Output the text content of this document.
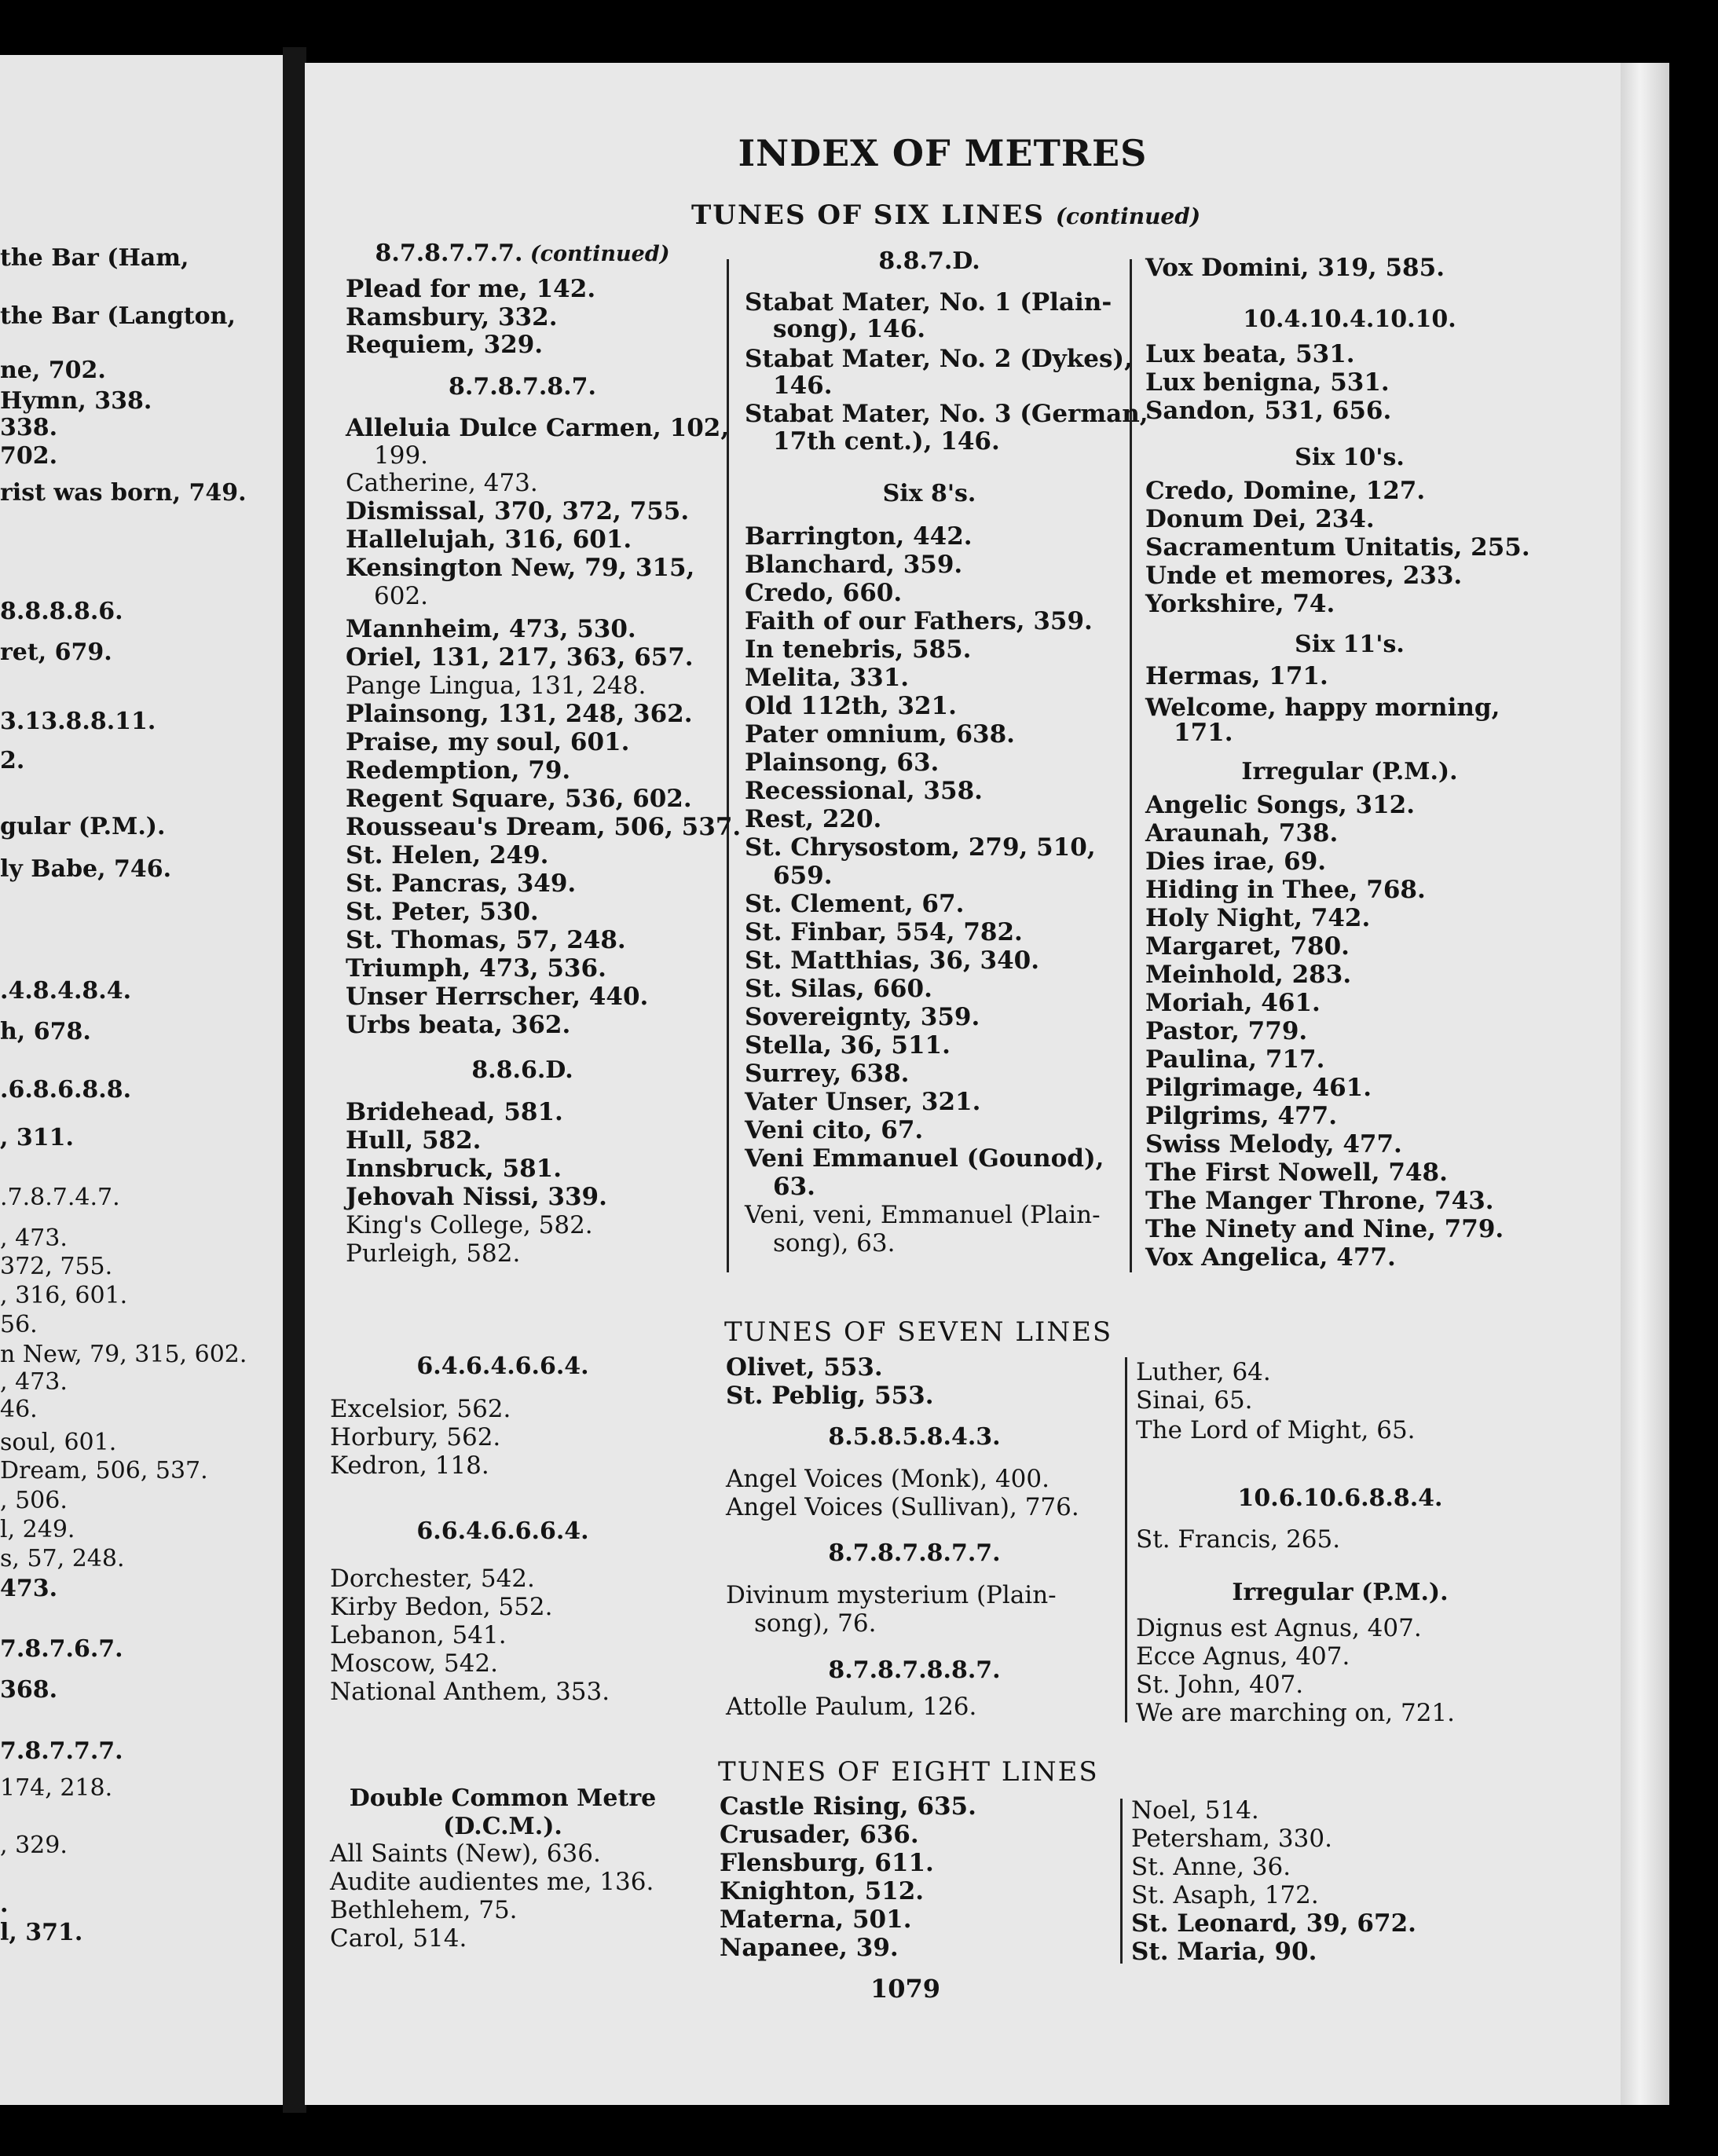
INDEX OF METRES
TUNES OF SIX LINES (continued)
the Bar (Ham,
the Bar (Langton,
ne, 702.
Hymn, 338.
338.
702.
rist was born, 749.
8.8.8.8.6.
ret, 679.
3.13.8.8.11.
2.
gular (P.M.).
ly Babe, 746.
.4.8.4.8.4.
h, 678.
.6.8.6.8.8.
, 311.
.7.8.7.4.7.
, 473.
372, 755.
, 316, 601.
56.
n New, 79, 315, 602.
, 473.
46.
soul, 601.
Dream, 506, 537.
, 506.
l, 249.
s, 57, 248.
473.
7.8.7.6.7.
368.
7.8.7.7.7.
174, 218.
, 329.
.
l, 371.
8.7.8.7.7.7. (continued)
Plead for me, 142.
Ramsbury, 332.
Requiem, 329.
8.7.8.7.8.7.
Alleluia Dulce Carmen, 102,
199.
Catherine, 473.
Dismissal, 370, 372, 755.
Hallelujah, 316, 601.
Kensington New, 79, 315,
602.
Mannheim, 473, 530.
Oriel, 131, 217, 363, 657.
Pange Lingua, 131, 248.
Plainsong, 131, 248, 362.
Praise, my soul, 601.
Redemption, 79.
Regent Square, 536, 602.
Rousseau's Dream, 506, 537.
St. Helen, 249.
St. Pancras, 349.
St. Peter, 530.
St. Thomas, 57, 248.
Triumph, 473, 536.
Unser Herrscher, 440.
Urbs beata, 362.
8.8.6.D.
Bridehead, 581.
Hull, 582.
Innsbruck, 581.
Jehovah Nissi, 339.
King's College, 582.
Purleigh, 582.
8.8.7.D.
Stabat Mater, No. 1 (Plain-
song), 146.
Stabat Mater, No. 2 (Dykes),
146.
Stabat Mater, No. 3 (German,
17th cent.), 146.
Six 8's.
Barrington, 442.
Blanchard, 359.
Credo, 660.
Faith of our Fathers, 359.
In tenebris, 585.
Melita, 331.
Old 112th, 321.
Pater omnium, 638.
Plainsong, 63.
Recessional, 358.
Rest, 220.
St. Chrysostom, 279, 510,
659.
St. Clement, 67.
St. Finbar, 554, 782.
St. Matthias, 36, 340.
St. Silas, 660.
Sovereignty, 359.
Stella, 36, 511.
Surrey, 638.
Vater Unser, 321.
Veni cito, 67.
Veni Emmanuel (Gounod),
63.
Veni, veni, Emmanuel (Plain-
song), 63.
Vox Domini, 319, 585.
10.4.10.4.10.10.
Lux beata, 531.
Lux benigna, 531.
Sandon, 531, 656.
Six 10's.
Credo, Domine, 127.
Donum Dei, 234.
Sacramentum Unitatis, 255.
Unde et memores, 233.
Yorkshire, 74.
Six 11's.
Hermas, 171.
Welcome, happy morning,
171.
Irregular (P.M.).
Angelic Songs, 312.
Araunah, 738.
Dies irae, 69.
Hiding in Thee, 768.
Holy Night, 742.
Margaret, 780.
Meinhold, 283.
Moriah, 461.
Pastor, 779.
Paulina, 717.
Pilgrimage, 461.
Pilgrims, 477.
Swiss Melody, 477.
The First Nowell, 748.
The Manger Throne, 743.
The Ninety and Nine, 779.
Vox Angelica, 477.
6.4.6.4.6.6.4.
Excelsior, 562.
Horbury, 562.
Kedron, 118.
6.6.4.6.6.6.4.
Dorchester, 542.
Kirby Bedon, 552.
Lebanon, 541.
Moscow, 542.
National Anthem, 353.
Double Common Metre
(D.C.M.).
All Saints (New), 636.
Audite audientes me, 136.
Bethlehem, 75.
Carol, 514.
TUNES OF SEVEN LINES
Olivet, 553.
St. Peblig, 553.
8.5.8.5.8.4.3.
Angel Voices (Monk), 400.
Angel Voices (Sullivan), 776.
8.7.8.7.8.7.7.
Divinum mysterium (Plain-
song), 76.
8.7.8.7.8.8.7.
Attolle Paulum, 126.
Luther, 64.
Sinai, 65.
The Lord of Might, 65.
10.6.10.6.8.8.4.
St. Francis, 265.
Irregular (P.M.).
Dignus est Agnus, 407.
Ecce Agnus, 407.
St. John, 407.
We are marching on, 721.
TUNES OF EIGHT LINES
Castle Rising, 635.
Crusader, 636.
Flensburg, 611.
Knighton, 512.
Materna, 501.
Napanee, 39.
Noel, 514.
Petersham, 330.
St. Anne, 36.
St. Asaph, 172.
St. Leonard, 39, 672.
St. Maria, 90.
1079
